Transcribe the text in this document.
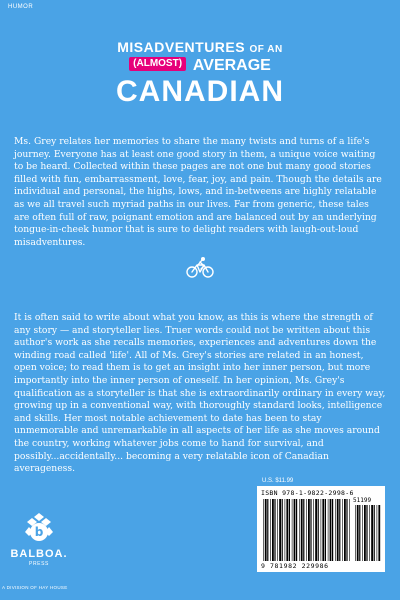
HUMOR
MISADVENTURES OF AN
(ALMOST) AVERAGE
CANADIAN

Ms. Grey relates her memories to share the many twists and turns of a life's journey. Everyone has at least one good story in them, a unique voice waiting to be heard. Collected within these pages are not one but many good stories filled with fun, embarrassment, love, fear, joy, and pain. Though the details are individual and personal, the highs, lows, and in-betweens are highly relatable as we all travel such myriad paths in our lives. Far from generic, these tales are often full of raw, poignant emotion and are balanced out by an underlying tongue-in-cheek humor that is sure to delight readers with laugh-out-loud misadventures.

It is often said to write about what you know, as this is where the strength of any story — and storyteller lies. Truer words could not be written about this author's work as she recalls memories, experiences and adventures down the winding road called 'life'. All of Ms. Grey's stories are related in an honest, open voice; to read them is to get an insight into her inner person, but more importantly into the inner person of oneself. In her opinion, Ms. Grey's qualification as a storyteller is that she is extraordinarily ordinary in every way, growing up in a conventional way, with thoroughly standard looks, intelligence and skills. Her most notable achievement to date has been to stay unmemorable and unremarkable in all aspects of her life as she moves around the country, working whatever jobs come to hand for survival, and possibly...accidentally... becoming a very relatable icon of Canadian averageness.

b
BALBOA.
PRESS
A DIVISION OF HAY HOUSE
U.S. $11.99
ISBN 978-1-9822-2998-6
51199
9 781982 229986
